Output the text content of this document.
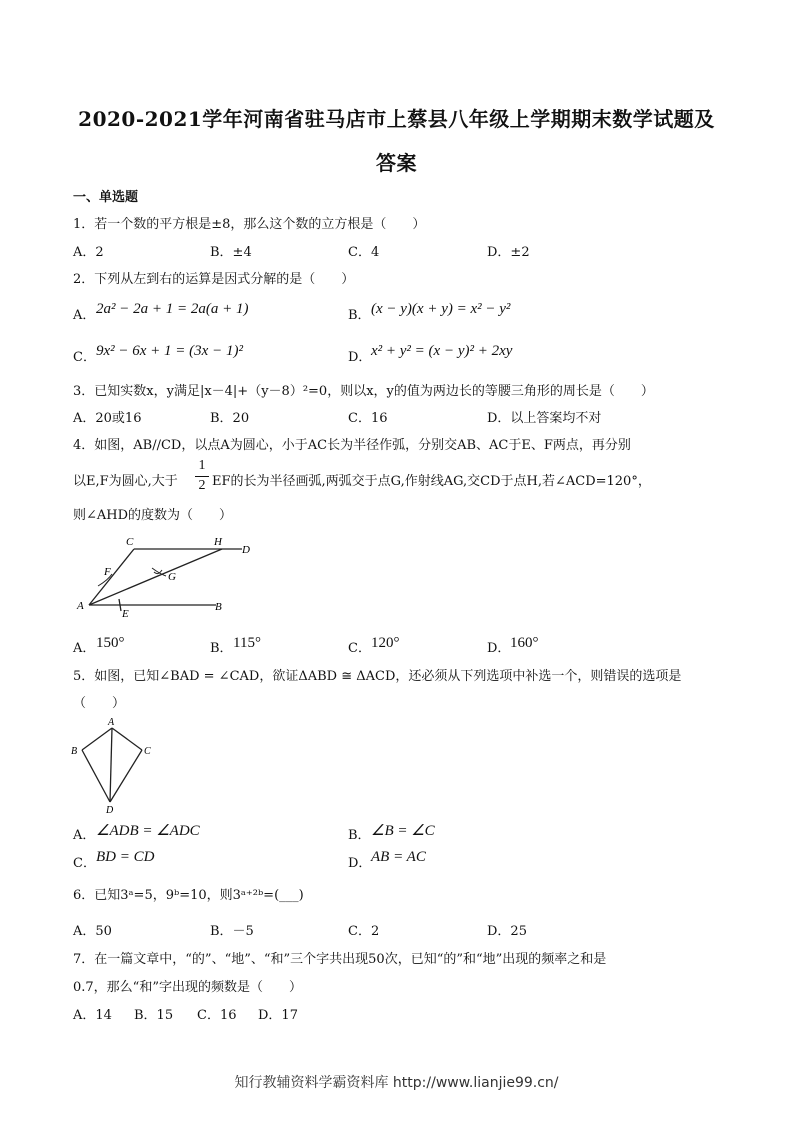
2020-2021学年河南省驻马店市上蔡县八年级上学期期末数学试题及
答案
一、单选题
1．若一个数的平方根是±8，那么这个数的立方根是（　　）
A．2	B．±4	C．4	D．±2
2．下列从左到右的运算是因式分解的是（　　）
A． 2a² − 2a + 1 = 2a(a + 1)	B． (x − y)(x + y) = x² − y²
C． 9x² − 6x + 1 = (3x − 1)²	D． x² + y² = (x − y)² + 2xy
3．已知实数x，y满足|x－4|+（y－8）²=0，则以x，y的值为两边长的等腰三角形的周长是（　　）
A．20或16	B．20	C．16	D．以上答案均不对
4．如图，AB//CD，以点A为圆心，小于AC长为半径作弧，分别交AB、AC于E、F两点，再分别
以E,F为圆心,大于
1
2 EF的长为半径画弧,两弧交于点G,作射线AG,交CD于点H,若∠ACD=120°，
则∠AHD的度数为（　　）
C	H
D
F	G
A
E
B
A． 150°	B． 115°	C． 120°	D． 160°
5．如图，已知∠BAD = ∠CAD，欲证ΔABD ≅ ΔACD，还必须从下列选项中补选一个，则错误的选项是
（　　）
A
B	C
D
A． ∠ADB = ∠ADC	B． ∠B = ∠C
C． BD = CD	D． AB = AC
6．已知3ᵃ=5，9ᵇ=10，则3ᵃ⁺²ᵇ=(___)
A．50	B．－5	C．2	D．25
7．在一篇文章中，“的”、“地”、“和”三个字共出现50次，已知“的”和“地”出现的频率之和是
0.7，那么“和”字出现的频数是（　　）
A．14 B．15 C．16 D．17
知行教辅资料学霸资料库 http://www.lianjie99.cn/
